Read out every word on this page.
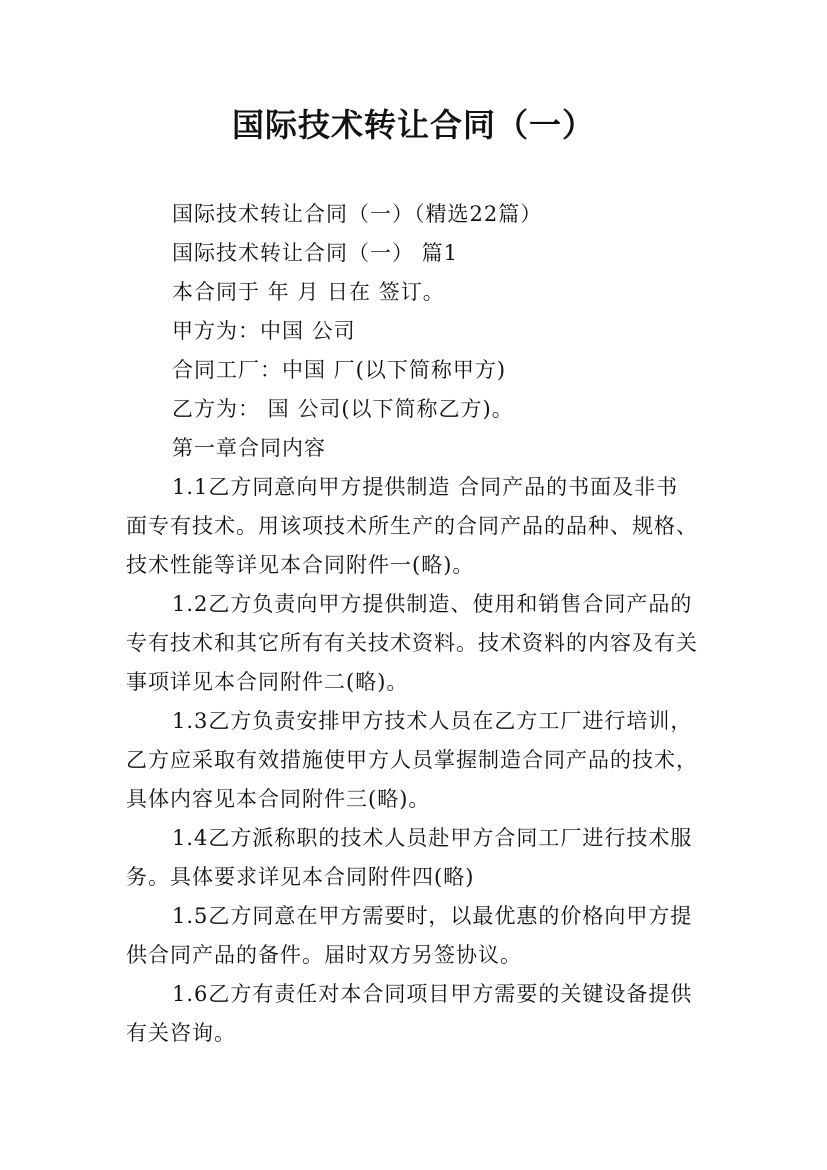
国际技术转让合同（一）
国际技术转让合同（一）（精选22篇）
国际技术转让合同（一） 篇1
本合同于 年 月 日在 签订。
甲方为：中国 公司
合同工厂：中国 厂(以下简称甲方)
乙方为： 国 公司(以下简称乙方)。
第一章合同内容
1.1乙方同意向甲方提供制造 合同产品的书面及非书
面专有技术。用该项技术所生产的合同产品的品种、规格、
技术性能等详见本合同附件一(略)。
1.2乙方负责向甲方提供制造、使用和销售合同产品的
专有技术和其它所有有关技术资料。技术资料的内容及有关
事项详见本合同附件二(略)。
1.3乙方负责安排甲方技术人员在乙方工厂进行培训，
乙方应采取有效措施使甲方人员掌握制造合同产品的技术，
具体内容见本合同附件三(略)。
1.4乙方派称职的技术人员赴甲方合同工厂进行技术服
务。具体要求详见本合同附件四(略)
1.5乙方同意在甲方需要时，以最优惠的价格向甲方提
供合同产品的备件。届时双方另签协议。
1.6乙方有责任对本合同项目甲方需要的关键设备提供
有关咨询。
